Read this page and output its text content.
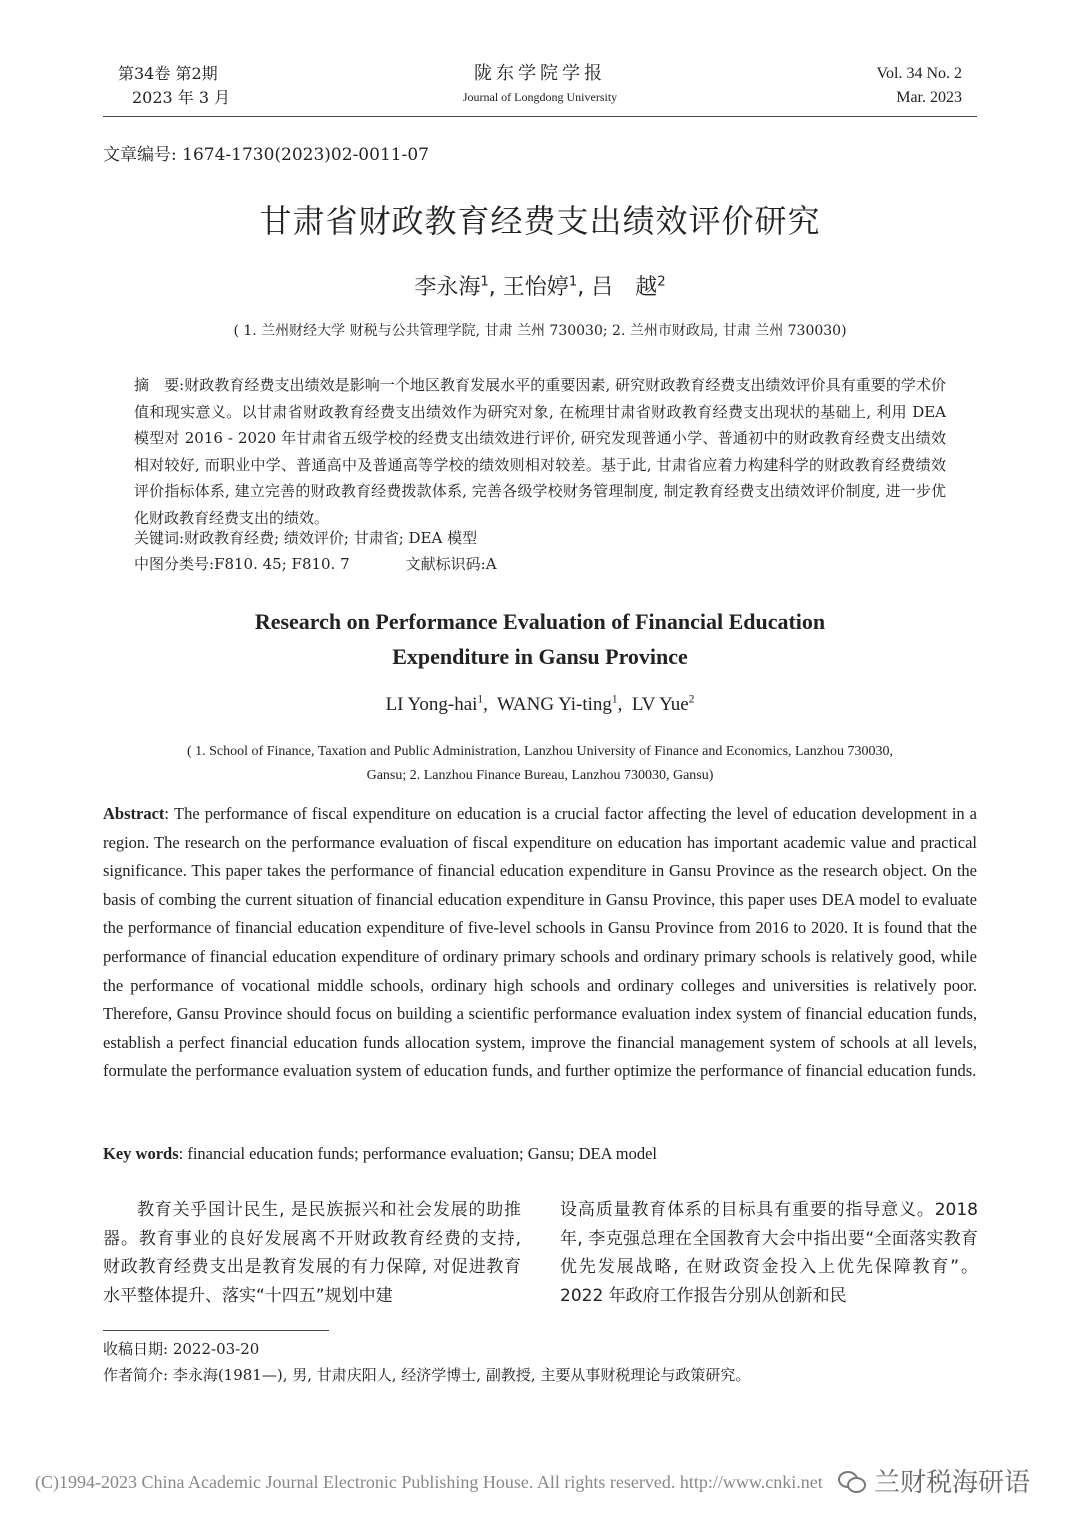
第34卷 第2期
2023 年 3 月
陇东学院学报
Journal of Longdong University
Vol. 34 No. 2
Mar. 2023
文章编号: 1674-1730(2023)02-0011-07
甘肃省财政教育经费支出绩效评价研究
李永海$^1$, 王怡婷$^1$, 吕　越$^2$
( 1. 兰州财经大学 财税与公共管理学院, 甘肃 兰州 730030; 2. 兰州市财政局, 甘肃 兰州 730030)
摘　要:财政教育经费支出绩效是影响一个地区教育发展水平的重要因素, 研究财政教育经费支出绩效评价具有重要的学术价值和现实意义。以甘肃省财政教育经费支出绩效作为研究对象, 在梳理甘肃省财政教育经费支出现状的基础上, 利用 DEA 模型对 2016 - 2020 年甘肃省五级学校的经费支出绩效进行评价, 研究发现普通小学、普通初中的财政教育经费支出绩效相对较好, 而职业中学、普通高中及普通高等学校的绩效则相对较差。基于此, 甘肃省应着力构建科学的财政教育经费绩效评价指标体系, 建立完善的财政教育经费拨款体系, 完善各级学校财务管理制度, 制定教育经费支出绩效评价制度, 进一步优化财政教育经费支出的绩效。
关键词:财政教育经费; 绩效评价; 甘肃省; DEA 模型
中图分类号:F810. 45; F810. 7	文献标识码:A
Research on Performance Evaluation of Financial Education
Expenditure in Gansu Province
LI Yong-hai$^1$,  WANG Yi-ting$^1$,  LV Yue$^2$
( 1. School of Finance, Taxation and Public Administration, Lanzhou University of Finance and Economics, Lanzhou 730030,
Gansu; 2. Lanzhou Finance Bureau, Lanzhou 730030, Gansu)
Abstract: The performance of fiscal expenditure on education is a crucial factor affecting the level of education development in a region. The research on the performance evaluation of fiscal expenditure on education has important academic value and practical significance. This paper takes the performance of financial education expenditure in Gansu Province as the research object. On the basis of combing the current situation of financial education expenditure in Gansu Province, this paper uses DEA model to evaluate the performance of financial education expenditure of five-level schools in Gansu Province from 2016 to 2020. It is found that the performance of financial education expenditure of ordinary primary schools and ordinary primary schools is relatively good, while the performance of vocational middle schools, ordinary high schools and ordinary colleges and universities is relatively poor. Therefore, Gansu Province should focus on building a scientific performance evaluation index system of financial education funds, establish a perfect financial education funds allocation system, improve the financial management system of schools at all levels, formulate the performance evaluation system of education funds, and further optimize the performance of financial education funds.
Key words: financial education funds; performance evaluation; Gansu; DEA model
教育关乎国计民生, 是民族振兴和社会发展的助推器。教育事业的良好发展离不开财政教育经费的支持, 财政教育经费支出是教育发展的有力保障, 对促进教育水平整体提升、落实“十四五”规划中建
设高质量教育体系的目标具有重要的指导意义。2018 年, 李克强总理在全国教育大会中指出要“全面落实教育优先发展战略, 在财政资金投入上优先保障教育”。2022 年政府工作报告分别从创新和民
收稿日期: 2022-03-20
作者简介: 李永海(1981—), 男, 甘肃庆阳人, 经济学博士, 副教授, 主要从事财税理论与政策研究。
(C)1994-2023 China Academic Journal Electronic Publishing House. All rights reserved. http://www.cnki.net 兰财税海研语
